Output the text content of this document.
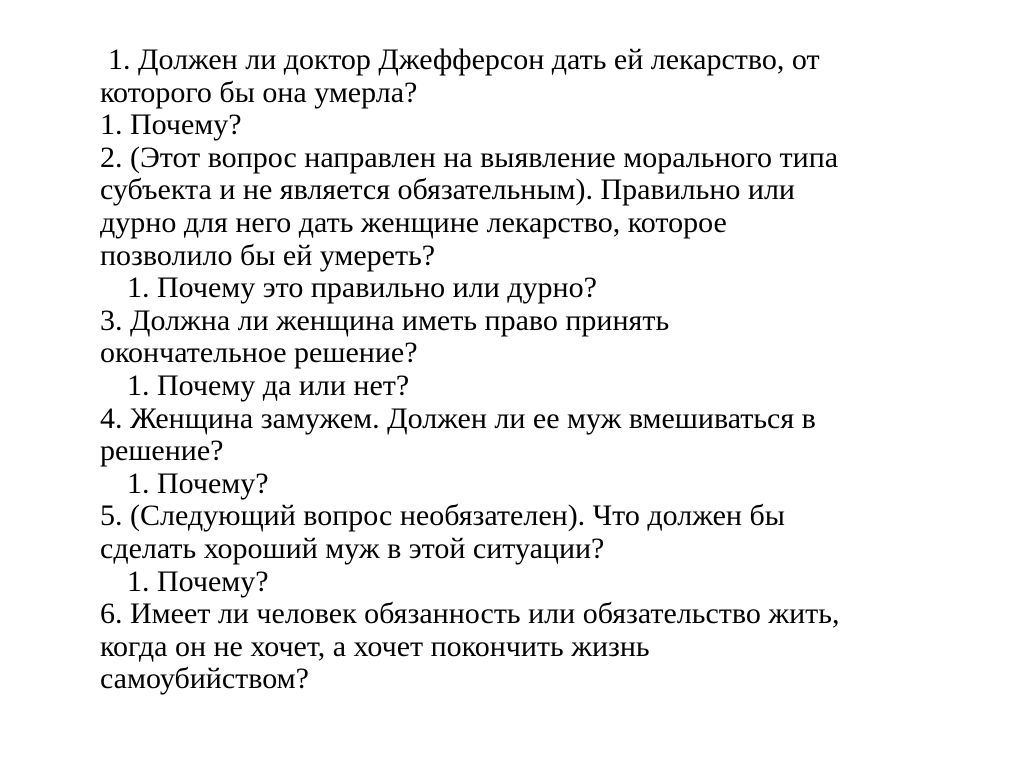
1. Должен ли доктор Джефферсон дать ей лекарство, от
которого бы она умерла?
1. Почему?
2. (Этот вопрос направлен на выявление морального типа
субъекта и не является обязательным). Правильно или
дурно для него дать женщине лекарство, которое
позволило бы ей умереть?
1. Почему это правильно или дурно?
3. Должна ли женщина иметь право принять
окончательное решение?
1. Почему да или нет?
4. Женщина замужем. Должен ли ее муж вмешиваться в
решение?
1. Почему?
5. (Следующий вопрос необязателен). Что должен бы
сделать хороший муж в этой ситуации?
1. Почему?
6. Имеет ли человек обязанность или обязательство жить,
когда он не хочет, а хочет покончить жизнь
самоубийством?
